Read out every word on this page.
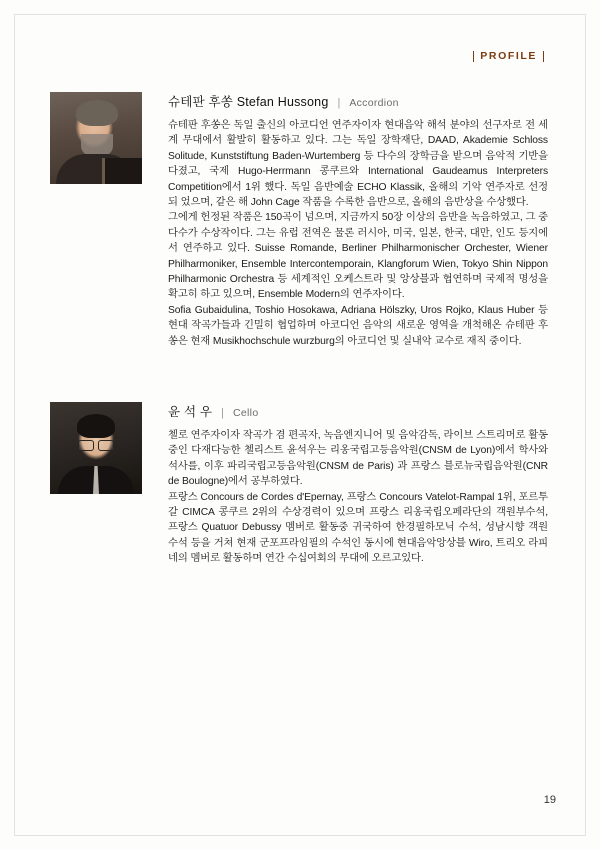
PROFILE
슈테판 후쏭 Stefan Hussong | Accordion

슈테판 후쏭은 독일 출신의 아코디언 연주자이자 현대음악 해석 분야의 선구자로 전 세계 무대에서 활발히 활동하고 있다. 그는 독일 장학재단, DAAD, Akademie Schloss Solitude, Kunststiftung Baden-Wurtemberg 등 다수의 장학금을 받으며 음악적 기반을 다졌고, 국제 Hugo-Herrmann 콩쿠르와 International Gaudeamus Interpreters Competition에서 1위 했다. 독일 음반예술 ECHO Klassik, 올해의 기악 연주자로 선정되 었으며, 같은 해 John Cage 작품을 수록한 음반으로, 올해의 음반상을 수상했다.

그에게 헌정된 작품은 150곡이 넘으며, 지금까지 50장 이상의 음반을 녹음하였고, 그 중 다수가 수상작이다. 그는 유럽 전역은 물론 러시아, 미국, 일본, 한국, 대만, 인도 등지에서 연주하고 있다. Suisse Romande, Berliner Philharmonischer Orchester, Wiener Philharmoniker, Ensemble Intercontemporain, Klangforum Wien, Tokyo Shin Nippon Philharmonic Orchestra 등 세계적인 오케스트라 및 앙상블과 협연하며 국제적 명성을 확고히 하고 있으며, Ensemble Modern의 연주자이다.

Sofia Gubaidulina, Toshio Hosokawa, Adriana Hölszky, Uros Rojko, Klaus Huber 등 현대 작곡가들과 긴밀히 협업하며 아코디언 음악의 새로운 영역을 개척해온 슈테판 후쏭은 현재 Musikhochschule wurzburg의 아코디언 및 실내악 교수로 재직 중이다.

윤 석 우 | Cello

첼로 연주자이자 작곡가 겸 편곡자, 녹음엔지니어 및 음악감독, 라이브 스트리머로 활동중인 다재다능한 첼리스트 윤석우는 리옹국립고등음악원(CNSM de Lyon)에서 학사와 석사를, 이후 파리국립고등음악원(CNSM de Paris) 과 프랑스 블로뉴국립음악원(CNR de Boulogne)에서 공부하였다.

프랑스 Concours de Cordes d'Epernay, 프랑스 Concours Vatelot-Rampal 1위, 포르투갈 CIMCA 콩쿠르 2위의 수상경력이 있으며 프랑스 리옹국립오페라단의 객원부수석, 프랑스 Quatuor Debussy 멤버로 활동중 귀국하여 한경필하모닉 수석, 성남시향 객원 수석 등을 거쳐 현재 군포프라임필의 수석인 동시에 현대음악앙상블 Wiro, 트리오 라피네의 멤버로 활동하며 연간 수십여회의 무대에 오르고있다.

19
